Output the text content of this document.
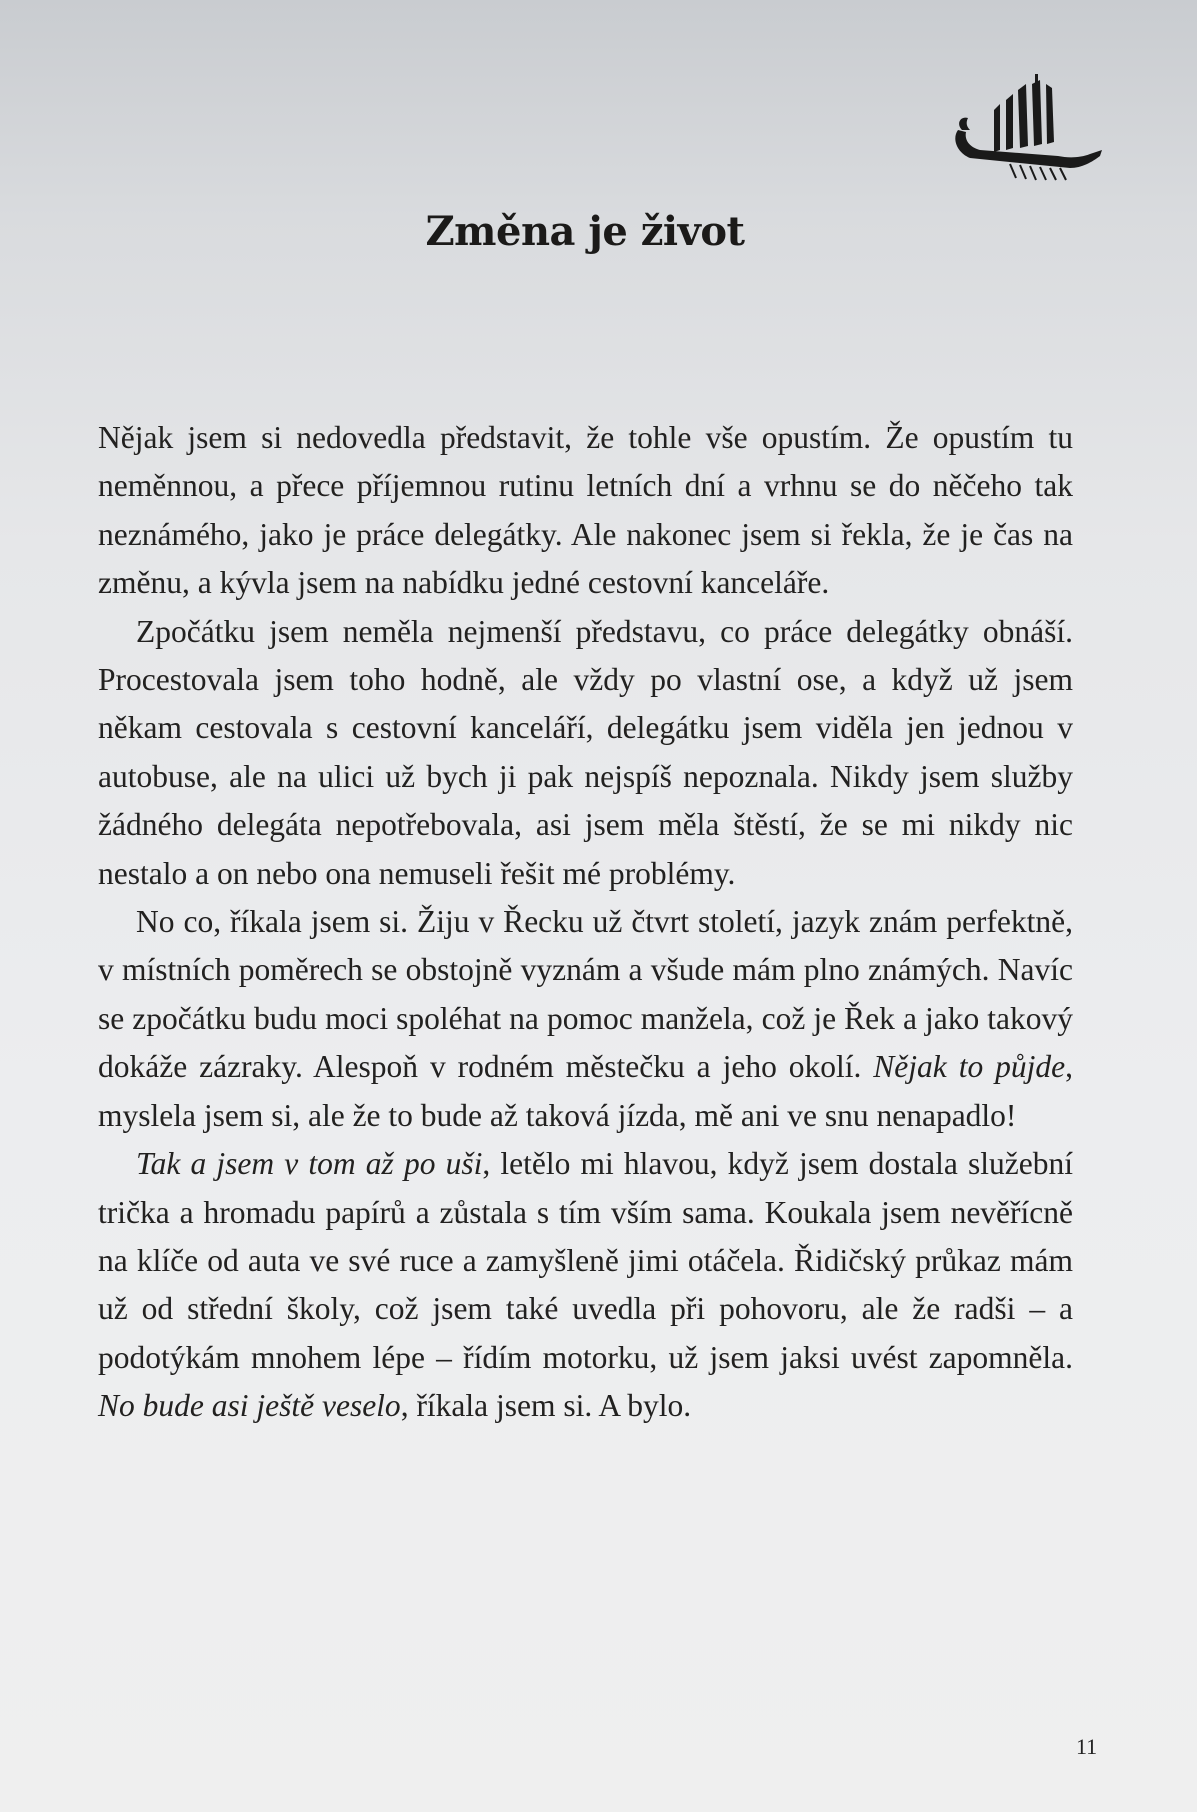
Změna je život

Nějak jsem si nedovedla představit, že tohle vše opustím. Že opustím tu neměnnou, a přece příjemnou rutinu letních dní a vrhnu se do něčeho tak neznámého, jako je práce delegátky. Ale nakonec jsem si řekla, že je čas na změnu, a kývla jsem na nabídku jedné cestovní kanceláře.

Zpočátku jsem neměla nejmenší představu, co práce delegátky obnáší. Procestovala jsem toho hodně, ale vždy po vlastní ose, a když už jsem někam cestovala s cestovní kanceláří, delegátku jsem viděla jen jednou v autobuse, ale na ulici už bych ji pak nejspíš nepoznala. Nikdy jsem služby žádného delegáta nepotřebovala, asi jsem měla štěstí, že se mi nikdy nic nestalo a on nebo ona nemuseli řešit mé problémy.

No co, říkala jsem si. Žiju v Řecku už čtvrt století, jazyk znám perfektně, v místních poměrech se obstojně vyznám a všude mám plno známých. Navíc se zpočátku budu moci spoléhat na pomoc manžela, což je Řek a jako takový dokáže zázraky. Alespoň v rodném městečku a jeho okolí. Nějak to půjde, myslela jsem si, ale že to bude až taková jízda, mě ani ve snu nenapadlo!

Tak a jsem v tom až po uši, letělo mi hlavou, když jsem dostala služební trička a hromadu papírů a zůstala s tím vším sama. Koukala jsem nevěřícně na klíče od auta ve své ruce a zamyšleně jimi otáčela. Řidičský průkaz mám už od střední školy, což jsem také uvedla při pohovoru, ale že radši – a podotýkám mnohem lépe – řídím motorku, už jsem jaksi uvést zapomněla. No bude asi ještě veselo, říkala jsem si. A bylo.

11
